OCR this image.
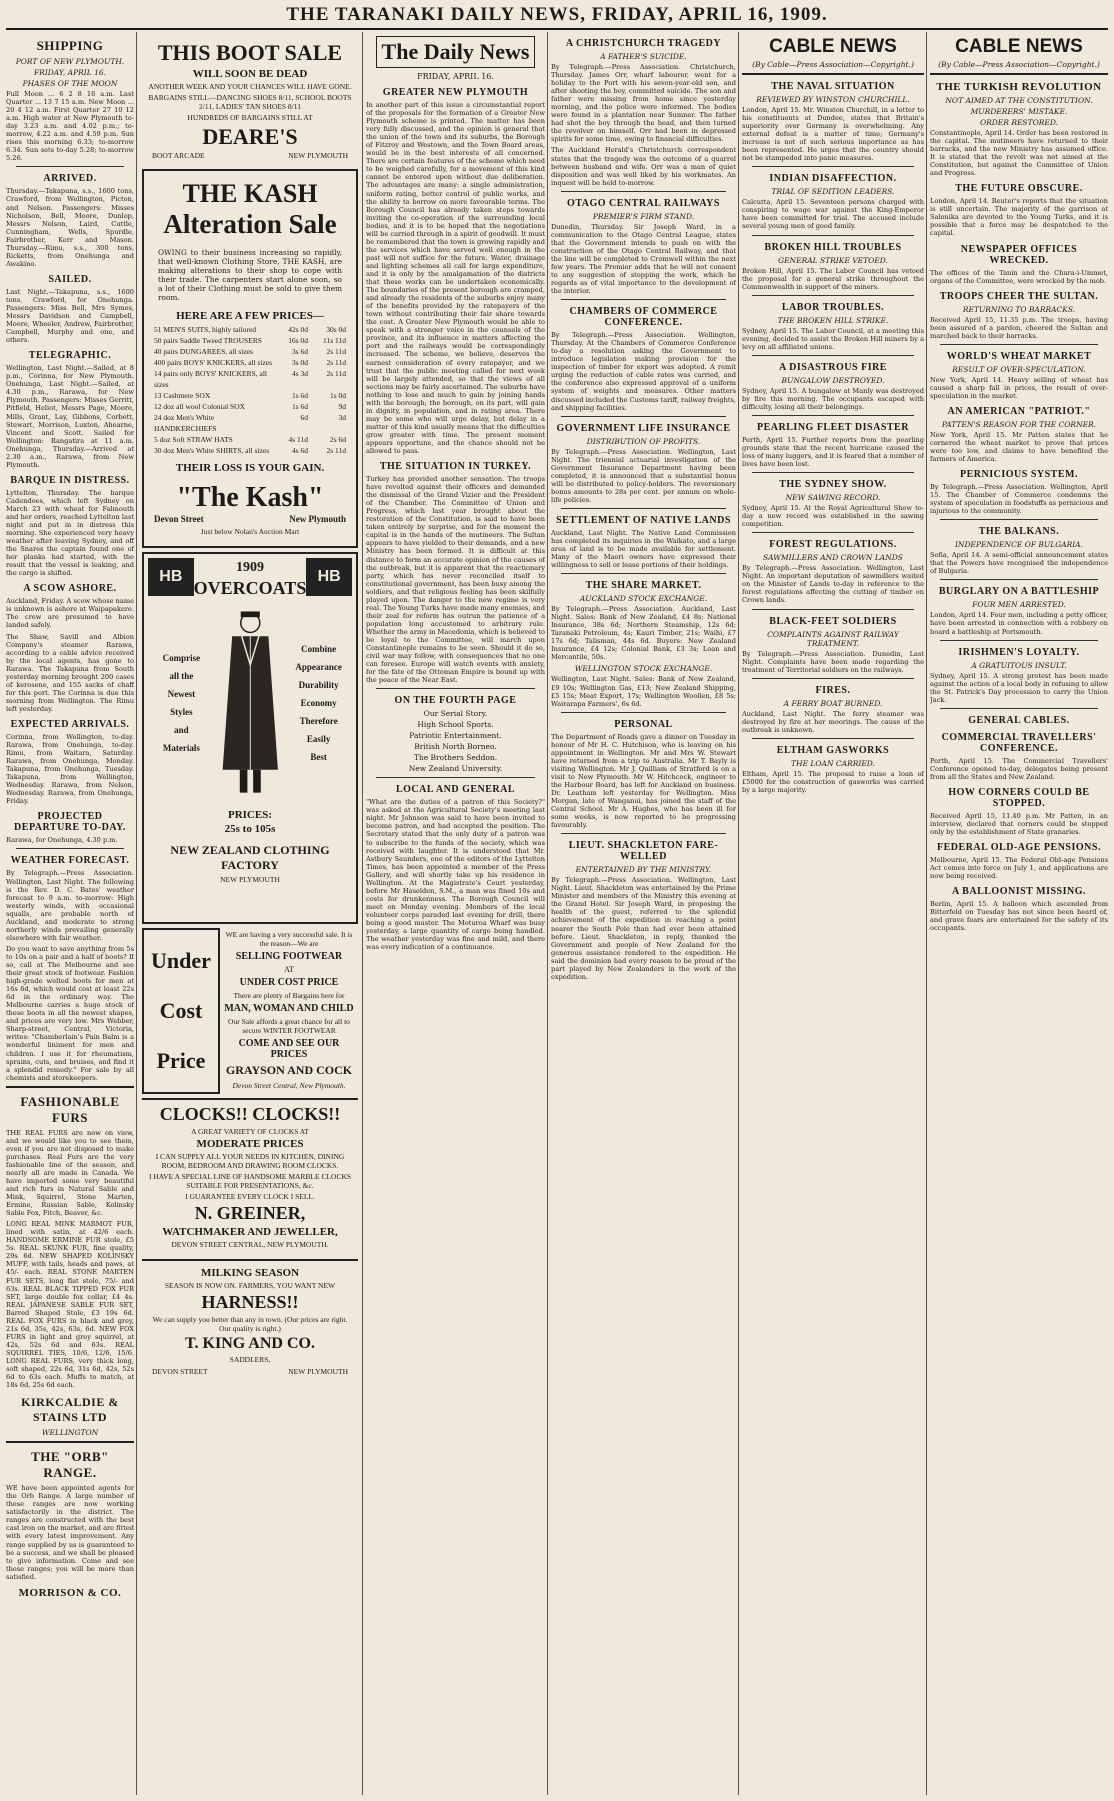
THE TARANAKI DAILY NEWS, FRIDAY, APRIL 16, 1909.
SHIPPING
PORT OF NEW PLYMOUTH.
FRIDAY, APRIL 16.
PHASES OF THE MOON

Full Moon ... 6 2 8 16 a.m. Last Quarter ... 13 7 15 a.m. New Moon ... 20 4 12 a.m. First Quarter 27 10 12 a.m. High water at New Plymouth to-day 3.23 a.m. and 4.02 p.m.; to-morrow, 4.22 a.m. and 4.59 p.m. Sun rises this morning 6.33; to-morrow 6.34. Sun sets to-day 5.28; to-morrow 5.26.

ARRIVED.

Thursday.—Takapuna, s.s., 1600 tons, Crawford, from Wellington, Picton, and Nelson. Passengers: Misses Nicholson, Bell, Moore, Dunlop, Messrs Nelson, Laird, Cuttle, Cunningham, Wells, Spurdle, Fairbrother, Kerr and Mason. Thursday.—Rimu, s.s., 300 tons, Ricketts, from Onehunga and Awakino.

SAILED.

Last Night.—Takapuna, s.s., 1600 tons, Crawford, for Onehunga. Passengers: Miss Bell, Mrs Symes, Messrs Davidson and Campbell, Moore, Wheeler, Andrew, Fairbrother, Campbell, Murphy and one, and others.

TELEGRAPHIC.

Wellington, Last Night.—Sailed, at 8 p.m., Corinna, for New Plymouth. Onehunga, Last Night.—Sailed, at 4.30 p.m., Rarawa, for New Plymouth. Passengers: Misses Gerritt, Pitfield, Heliot, Messrs Page, Moore, Mills, Grant, Lay, Gibbons, Corbett, Stewart, Morrison, Luxton, Ahearne, Vincent and Scott. Sailed for Wellington: Rangatira at 11 a.m. Onehunga, Thursday.—Arrived at 2.30 a.m., Rarawa, from New Plymouth.

BARQUE IN DISTRESS.

Lyttelton, Thursday. The barque Cadendoes, which left Sydney on March 23 with wheat for Falmouth and her orders, reached Lyttelton last night and put in in distress this morning. She experienced very heavy weather after leaving Sydney, and off the Snares the captain found one of her planks had started, with the result that the vessel is leaking, and the cargo is shifted.

A SCOW ASHORE.

Auckland, Friday. A scow whose name is unknown is ashore at Waipapakere. The crew are presumed to have landed safely.

The Shaw, Savill and Albion Company's steamer Rarawa, according to a cable advice received by the local agents, has gone to Rarawa. The Takapuna from South yesterday morning brought 200 cases of kerosene, and 155 sacks of chaff for this port. The Corinna is due this morning from Wellington. The Rimu left yesterday.

EXPECTED ARRIVALS.

Corinna, from Wellington, to-day. Rarawa, from Onehunga, to-day. Rimu, from Waitara, Saturday. Rarawa, from Onehunga, Monday. Takapuna, from Onehunga, Tuesday. Takapuna, from Wellington, Wednesday. Rarawa, from Nelson, Wednesday. Rarawa, from Onehunga, Friday.

PROJECTED DEPARTURE TO-DAY.

Rarawa, for Onehunga, 4.30 p.m.

WEATHER FORECAST.

By Telegraph.—Press Association. Wellington, Last Night. The following is the Rev. D. C. Bates' weather forecast to 9 a.m. to-morrow: High westerly winds, with occasional squalls, are probable north of Auckland, and moderate to strong northerly winds prevailing generally elsewhere with fair weather.

Do you want to save anything from 5s to 10s on a pair and a half of boots? If so, call at The Melbourne and see their great stock of footwear. Fashion high-grade welted boots for men at 16s 6d, which would cost at least 22s 6d in the ordinary way. The Melbourne carries a huge stock of these boots in all the newest shapes, and prices are very low. Mrs Webber, Sharp-street, Central, Victoria, writes: "Chamberlain's Pain Balm is a wonderful liniment for men and children. I use it for rheumatism, sprains, cuts, and bruises, and find it a splendid remedy." For sale by all chemists and storekeepers.

FASHIONABLE FURS

THE REAL FURS are now on view, and we would like you to see them, even if you are not disposed to make purchases. Real Furs are the very fashionable line of the season, and nearly all are made in Canada. We have imported some very beautiful and rich furs in Natural Sable and Mink, Squirrel, Stone Marten, Ermine, Russian Sable, Kolinsky Sable Fox, Fitch, Beaver, &c.

LONG REAL MINK MARMOT FUR, lined with satin, at 42/6 each. HANDSOME ERMINE FUR stole, £5 5s. REAL SKUNK FUR, fine quality, 29s 6d. NEW SHAPED KOLINSKY MUFF, with tails, heads and paws, at 45/- each. REAL STONE MARTEN FUR SETS, long flat stole, 75/- and 63s. REAL BLACK TIPPED FOX FUR SET, large double fox collar, £4 4s. REAL JAPANESE SABLE FUR SET, Barred Shaped Stole, £3 19s 6d. REAL FOX FURS in black and grey, 21s 6d, 35s, 42s, 63s, 6d. NEW FOX FURS in light and grey squirrel, at 42s, 52s 6d and 63s. REAL SQUIRREL TIES, 10/6, 12/6, 15/6. LONG REAL FURS, very thick long, soft shaped, 22s 6d, 31s 6d, 42s, 52s 6d to 63s each. Muffs to match, at 18s 6d, 25s 6d each.

KIRKCALDIE & STAINS LTD
WELLINGTON
THE "ORB" RANGE.

WE have been appointed agents for the Orb Range. A large number of these ranges are now working satisfactorily in the district. The ranges are constructed with the best cast iron on the market, and are fitted with every latest improvement. Any range supplied by us is guaranteed to be a success, and we shall be pleased to give information. Come and see these ranges; you will be more than satisfied.

MORRISON & CO.
THIS BOOT SALE
WILL SOON BE DEAD
ANOTHER WEEK AND YOUR CHANCES WILL HAVE GONE.
BARGAINS STILL—DANCING SHOES 8/11, SCHOOL BOOTS 2/11, LADIES' TAN SHOES 8/11
HUNDREDS OF BARGAINS STILL AT
DEARE'S
BOOT ARCADE	NEW PLYMOUTH
THE KASH
Alteration Sale

OWING to their business increasing so rapidly, that well-known Clothing Store, THE KASH, are making alterations to their shop to cope with their trade. The carpenters start alone soon, so a lot of their Clothing must be sold to give them room.

HERE ARE A FEW PRICES—
51 MEN'S SUITS, highly tailored	42s 0d	30s 0d
50 pairs Saddle Tweed TROUSERS	16s 0d	11s 11d
40 pairs DUNGAREES, all sizes	3s 6d	2s 11d
400 pairs BOYS' KNICKERS, all sizes	3s 0d	2s 11d
14 pairs only BOYS' KNICKERS, all sizes
4s 3d	2s 11d
13 Cashmere SOX	1s 6d	1s 0d
12 doz all wool Colonial SOX	1s 6d	9d
24 doz Men's White HANDKERCHIEFS
6d	3d
5 doz Soft STRAW HATS	4s 11d	2s 6d
30 doz Men's White SHIRTS, all sizes	4s 6d	2s 11d
THEIR LOSS IS YOUR GAIN.
"The Kash"
Devon Street	New Plymouth
Just below Nolan's Auction Mart
HB
1909
OVERCOATS
HB
Comprise
all the
Newest
Styles
and
Materials
Combine
Appearance
Durability
Economy
Therefore
Easily
Best
PRICES:
25s to 105s
NEW ZEALAND CLOTHING FACTORY
NEW PLYMOUTH
Under
Cost
Price
WE are having a very successful sale. It is the reason—We are
SELLING FOOTWEAR
AT
UNDER COST PRICE
There are plenty of Bargains here for
MAN, WOMAN AND CHILD
Our Sale affords a great chance for all to secure WINTER FOOTWEAR
COME AND SEE OUR PRICES
GRAYSON AND COCK
Devon Street Central, New Plymouth.
CLOCKS!! CLOCKS!!
A GREAT VARIETY OF CLOCKS AT
MODERATE PRICES
I CAN SUPPLY ALL YOUR NEEDS IN KITCHEN, DINING ROOM, BEDROOM AND DRAWING ROOM CLOCKS.
I HAVE A SPECIAL LINE OF HANDSOME MARBLE CLOCKS SUITABLE FOR PRESENTATIONS, &c.
I GUARANTEE EVERY CLOCK I SELL.
N. GREINER,
WATCHMAKER AND JEWELLER,
DEVON STREET CENTRAL, NEW PLYMOUTH.
MILKING SEASON
SEASON IS NOW ON. FARMERS, YOU WANT NEW
HARNESS!!
We can supply you better than any in town. (Our prices are right. Our quality is right.)
T. KING AND CO.
SADDLERS,
DEVON STREET	NEW PLYMOUTH
The Daily News
FRIDAY, APRIL 16.
GREATER NEW PLYMOUTH

In another part of this issue a circumstantial report of the proposals for the formation of a Greater New Plymouth scheme is printed. The matter has been very fully discussed, and the opinion is general that the union of the town and its suburbs, the Borough of Fitzroy and Westown, and the Town Board areas, would be in the best interests of all concerned. There are certain features of the scheme which need to be weighed carefully, for a movement of this kind cannot be entered upon without due deliberation. The advantages are many: a single administration, uniform rating, better control of public works, and the ability to borrow on more favourable terms. The Borough Council has already taken steps towards inviting the co-operation of the surrounding local bodies, and it is to be hoped that the negotiations will be carried through in a spirit of goodwill. It must be remembered that the town is growing rapidly and the services which have served well enough in the past will not suffice for the future. Water, drainage and lighting schemes all call for large expenditure, and it is only by the amalgamation of the districts that these works can be undertaken economically. The boundaries of the present borough are cramped, and already the residents of the suburbs enjoy many of the benefits provided by the ratepayers of the town without contributing their fair share towards the cost. A Greater New Plymouth would be able to speak with a stronger voice in the counsels of the province, and its influence in matters affecting the port and the railways would be correspondingly increased. The scheme, we believe, deserves the earnest consideration of every ratepayer, and we trust that the public meeting called for next week will be largely attended, so that the views of all sections may be fairly ascertained. The suburbs have nothing to lose and much to gain by joining hands with the borough; the borough, on its part, will gain in dignity, in population, and in rating area. There may be some who will urge delay, but delay in a matter of this kind usually means that the difficulties grow greater with time. The present moment appears opportune, and the chance should not be allowed to pass.

THE SITUATION IN TURKEY.

Turkey has provided another sensation. The troops have revolted against their officers and demanded the dismissal of the Grand Vizier and the President of the Chamber. The Committee of Union and Progress, which last year brought about the restoration of the Constitution, is said to have been taken entirely by surprise, and for the moment the capital is in the hands of the mutineers. The Sultan appears to have yielded to their demands, and a new Ministry has been formed. It is difficult at this distance to form an accurate opinion of the causes of the outbreak, but it is apparent that the reactionary party, which has never reconciled itself to constitutional government, has been busy among the soldiers, and that religious feeling has been skilfully played upon. The danger to the new regime is very real. The Young Turks have made many enemies, and their zeal for reform has outrun the patience of a population long accustomed to arbitrary rule. Whether the army in Macedonia, which is believed to be loyal to the Committee, will march upon Constantinople remains to be seen. Should it do so, civil war may follow, with consequences that no one can foresee. Europe will watch events with anxiety, for the fate of the Ottoman Empire is bound up with the peace of the Near East.

ON THE FOURTH PAGE
Our Serial Story.
High School Sports.
Patriotic Entertainment.
British North Borneo.
The Brothers Seddon.
New Zealand University.
LOCAL AND GENERAL

"What are the duties of a patron of this Society?" was asked at the Agricultural Society's meeting last night. Mr Johnson was said to have been invited to become patron, and had accepted the position. The Secretary stated that the only duty of a patron was to subscribe to the funds of the society, which was received with laughter. It is understood that Mr. Astbury Saunders, one of the editors of the Lyttelton Times, has been appointed a member of the Press Gallery, and will shortly take up his residence in Wellington. At the Magistrate's Court yesterday, before Mr Haselden, S.M., a man was fined 10s and costs for drunkenness. The Borough Council will meet on Monday evening. Members of the local volunteer corps paraded last evening for drill, there being a good muster. The Moturoa Wharf was busy yesterday, a large quantity of cargo being handled. The weather yesterday was fine and mild, and there was every indication of a continuance.

A CHRISTCHURCH TRAGEDY
A FATHER'S SUICIDE.

By Telegraph.—Press Association. Christchurch, Thursday. James Orr, wharf labourer, went for a holiday to the Port with his seven-year-old son, and after shooting the boy, committed suicide. The son and father were missing from home since yesterday morning, and the police were informed. The bodies were found in a plantation near Sumner. The father had shot the boy through the head, and then turned the revolver on himself. Orr had been in depressed spirits for some time, owing to financial difficulties.

The Auckland Herald's Christchurch correspondent states that the tragedy was the outcome of a quarrel between husband and wife. Orr was a man of quiet disposition and was well liked by his workmates. An inquest will be held to-morrow.

OTAGO CENTRAL RAILWAYS
PREMIER'S FIRM STAND.

Dunedin, Thursday. Sir Joseph Ward, in a communication to the Otago Central League, states that the Government intends to push on with the construction of the Otago Central Railway, and that the line will be completed to Cromwell within the next few years. The Premier adds that he will not consent to any suggestion of stopping the work, which he regards as of vital importance to the development of the interior.

CHAMBERS OF COMMERCE CONFERENCE.

By Telegraph.—Press Association. Wellington, Thursday. At the Chambers of Commerce Conference to-day a resolution asking the Government to introduce legislation making provision for the inspection of timber for export was adopted. A remit urging the reduction of cable rates was carried, and the conference also expressed approval of a uniform system of weights and measures. Other matters discussed included the Customs tariff, railway freights, and shipping facilities.

GOVERNMENT LIFE INSURANCE
DISTRIBUTION OF PROFITS.

By Telegraph.—Press Association. Wellington, Last Night. The triennial actuarial investigation of the Government Insurance Department having been completed, it is announced that a substantial bonus will be distributed to policy-holders. The reversionary bonus amounts to 28s per cent. per annum on whole-life policies.

SETTLEMENT OF NATIVE LANDS

Auckland, Last Night. The Native Land Commission has completed its inquiries in the Waikato, and a large area of land is to be made available for settlement. Many of the Maori owners have expressed their willingness to sell or lease portions of their holdings.

THE SHARE MARKET.
AUCKLAND STOCK EXCHANGE.

By Telegraph.—Press Association. Auckland, Last Night. Sales: Bank of New Zealand, £4 8s; National Insurance, 38s 6d; Northern Steamship, 12s 6d; Taranaki Petroleum, 4s; Kauri Timber, 21s; Waihi, £7 17s 6d; Talisman, 44s 6d. Buyers: New Zealand Insurance, £4 12s; Colonial Bank, £3 3s; Loan and Mercantile, 50s.

WELLINGTON STOCK EXCHANGE.

Wellington, Last Night. Sales: Bank of New Zealand, £9 10s; Wellington Gas, £13; New Zealand Shipping, £5 15s; Meat Export, 17s; Wellington Woollen, £8 5s; Wairarapa Farmers', 6s 6d.

PERSONAL

The Department of Roads gave a dinner on Tuesday in honour of Mr H. C. Hutchison, who is leaving on his appointment in Wellington. Mr and Mrs W. Stewart have returned from a trip to Australia. Mr T. Bayly is visiting Wellington. Mr J. Quilliam of Stratford is on a visit to New Plymouth. Mr W. Hitchcock, engineer to the Harbour Board, has left for Auckland on business. Dr. Leatham left yesterday for Wellington. Miss Morgan, late of Wanganui, has joined the staff of the Central School. Mr A. Hughes, who has been ill for some weeks, is now reported to be progressing favourably.

LIEUT. SHACKLETON FARE-WELLED
ENTERTAINED BY THE MINISTRY.

By Telegraph.—Press Association. Wellington, Last Night. Lieut. Shackleton was entertained by the Prime Minister and members of the Ministry this evening at the Grand Hotel. Sir Joseph Ward, in proposing the health of the guest, referred to the splendid achievement of the expedition in reaching a point nearer the South Pole than had ever been attained before. Lieut. Shackleton, in reply, thanked the Government and people of New Zealand for the generous assistance rendered to the expedition. He said the dominion had every reason to be proud of the part played by New Zealanders in the work of the expedition.

CABLE NEWS
(By Cable—Press Association—Copyright.)
THE NAVAL SITUATION
REVIEWED BY WINSTON CHURCHILL.

London, April 15. Mr. Winston Churchill, in a letter to his constituents at Dundee, states that Britain's superiority over Germany is overwhelming. Any external defeat is a matter of time; Germany's increase is not of such serious importance as has been represented. He urges that the country should not be stampeded into panic measures.

INDIAN DISAFFECTION.
TRIAL OF SEDITION LEADERS.

Calcutta, April 15. Seventeen persons charged with conspiring to wage war against the King-Emperor have been committed for trial. The accused include several young men of good family.

BROKEN HILL TROUBLES
GENERAL STRIKE VETOED.

Broken Hill, April 15. The Labor Council has vetoed the proposal for a general strike throughout the Commonwealth in support of the miners.

LABOR TROUBLES.
THE BROKEN HILL STRIKE.

Sydney, April 15. The Labor Council, at a meeting this evening, decided to assist the Broken Hill miners by a levy on all affiliated unions.

A DISASTROUS FIRE
BUNGALOW DESTROYED.

Sydney, April 15. A bungalow at Manly was destroyed by fire this morning. The occupants escaped with difficulty, losing all their belongings.

PEARLING FLEET DISASTER

Perth, April 15. Further reports from the pearling grounds state that the recent hurricane caused the loss of many luggers, and it is feared that a number of lives have been lost.

THE SYDNEY SHOW.
NEW SAWING RECORD.

Sydney, April 15. At the Royal Agricultural Show to-day a new record was established in the sawing competition.

FOREST REGULATIONS.
SAWMILLERS AND CROWN LANDS

By Telegraph.—Press Association. Wellington, Last Night. An important deputation of sawmillers waited on the Minister of Lands to-day in reference to the forest regulations affecting the cutting of timber on Crown lands.

BLACK-FEET SOLDIERS
COMPLAINTS AGAINST RAILWAY TREATMENT.

By Telegraph.—Press Association. Dunedin, Last Night. Complaints have been made regarding the treatment of Territorial soldiers on the railways.

FIRES.
A FERRY BOAT BURNED.

Auckland, Last Night. The ferry steamer was destroyed by fire at her moorings. The cause of the outbreak is unknown.

ELTHAM GASWORKS
THE LOAN CARRIED.

Eltham, April 15. The proposal to raise a loan of £5000 for the construction of gasworks was carried by a large majority.

CABLE NEWS
(By Cable—Press Association—Copyright.)
THE TURKISH REVOLUTION
NOT AIMED AT THE CONSTITUTION.
MURDERERS' MISTAKE.
ORDER RESTORED.

Constantinople, April 14. Order has been restored in the capital. The mutineers have returned to their barracks, and the new Ministry has assumed office. It is stated that the revolt was not aimed at the Constitution, but against the Committee of Union and Progress.

THE FUTURE OBSCURE.

London, April 14. Reuter's reports that the situation is still uncertain. The majority of the garrison at Salonika are devoted to the Young Turks, and it is possible that a force may be despatched to the capital.

NEWSPAPER OFFICES WRECKED.

The offices of the Tanin and the Chura-i-Ummet, organs of the Committee, were wrecked by the mob.

TROOPS CHEER THE SULTAN.
RETURNING TO BARRACKS.

Received April 15, 11.35 p.m. The troops, having been assured of a pardon, cheered the Sultan and marched back to their barracks.

WORLD'S WHEAT MARKET
RESULT OF OVER-SPECULATION.

New York, April 14. Heavy selling of wheat has caused a sharp fall in prices, the result of over-speculation in the market.

AN AMERICAN "PATRIOT."
PATTEN'S REASON FOR THE CORNER.

New York, April 15. Mr Patten states that he cornered the wheat market to prove that prices were too low, and claims to have benefited the farmers of America.

PERNICIOUS SYSTEM.

By Telegraph.—Press Association. Wellington, April 15. The Chamber of Commerce condemns the system of speculation in foodstuffs as pernicious and injurious to the community.

THE BALKANS.
INDEPENDENCE OF BULGARIA.

Sofia, April 14. A semi-official announcement states that the Powers have recognised the independence of Bulgaria.

BURGLARY ON A BATTLESHIP
FOUR MEN ARRESTED.

London, April 14. Four men, including a petty officer, have been arrested in connection with a robbery on board a battleship at Portsmouth.

IRISHMEN'S LOYALTY.
A GRATUITOUS INSULT.

Sydney, April 15. A strong protest has been made against the action of a local body in refusing to allow the St. Patrick's Day procession to carry the Union Jack.

GENERAL CABLES.
COMMERCIAL TRAVELLERS' CONFERENCE.

Perth, April 15. The Commercial Travellers' Conference opened to-day, delegates being present from all the States and New Zealand.

HOW CORNERS COULD BE STOPPED.

Received April 15, 11.40 p.m. Mr Patten, in an interview, declared that corners could be stopped only by the establishment of State granaries.

FEDERAL OLD-AGE PENSIONS.

Melbourne, April 15. The Federal Old-age Pensions Act comes into force on July 1, and applications are now being received.

A BALLOONIST MISSING.

Berlin, April 15. A balloon which ascended from Bitterfeld on Tuesday has not since been heard of, and grave fears are entertained for the safety of its occupants.
